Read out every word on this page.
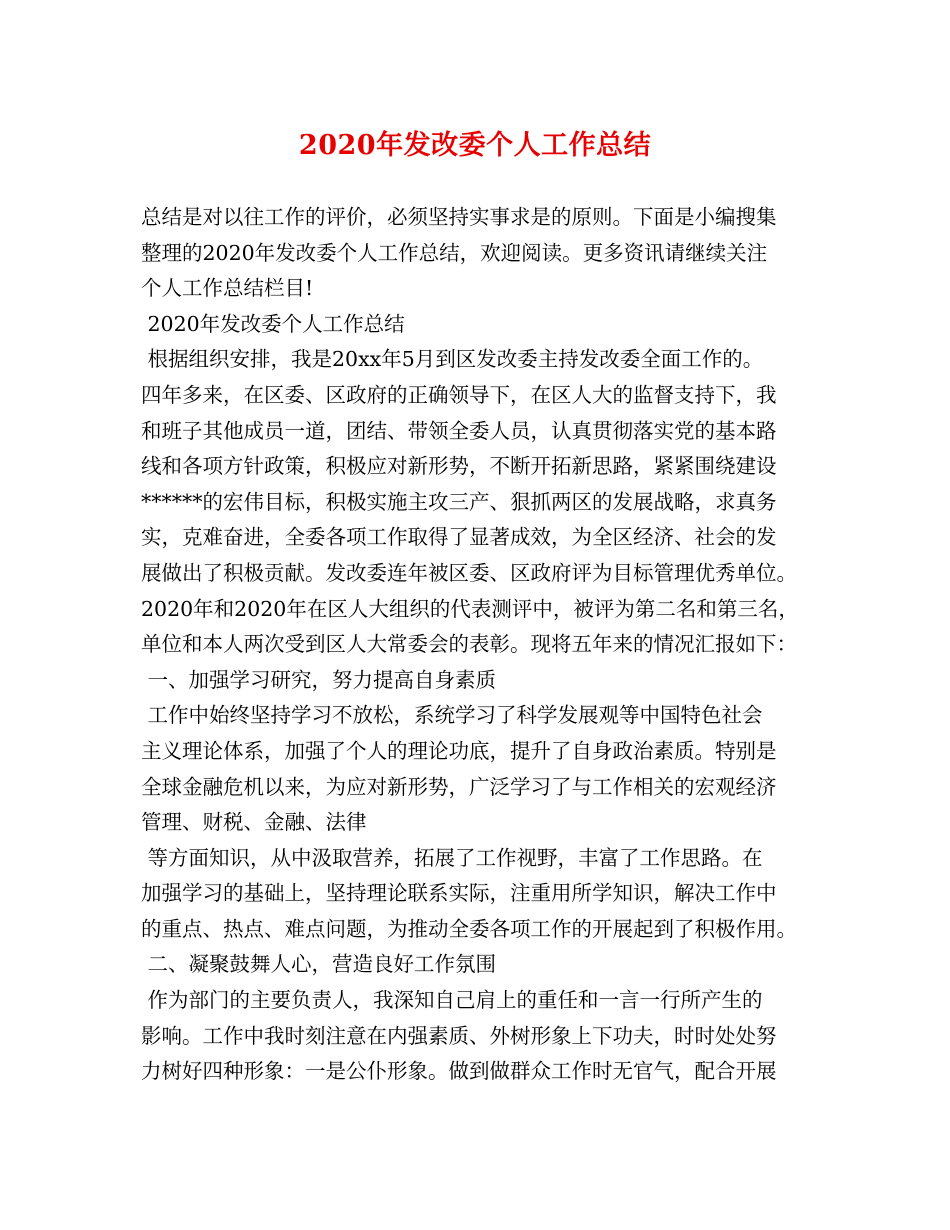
2020年发改委个人工作总结
总结是对以往工作的评价，必须坚持实事求是的原则。下面是小编搜集
整理的2020年发改委个人工作总结，欢迎阅读。更多资讯请继续关注
个人工作总结栏目!
2020年发改委个人工作总结
根据组织安排，我是20xx年5月到区发改委主持发改委全面工作的。
四年多来，在区委、区政府的正确领导下，在区人大的监督支持下，我
和班子其他成员一道，团结、带领全委人员，认真贯彻落实党的基本路
线和各项方针政策，积极应对新形势，不断开拓新思路，紧紧围绕建设
******的宏伟目标，积极实施主攻三产、狠抓两区的发展战略，求真务
实，克难奋进，全委各项工作取得了显著成效，为全区经济、社会的发
展做出了积极贡献。发改委连年被区委、区政府评为目标管理优秀单位。
2020年和2020年在区人大组织的代表测评中，被评为第二名和第三名，
单位和本人两次受到区人大常委会的表彰。现将五年来的情况汇报如下：
一、加强学习研究，努力提高自身素质
工作中始终坚持学习不放松，系统学习了科学发展观等中国特色社会
主义理论体系，加强了个人的理论功底，提升了自身政治素质。特别是
全球金融危机以来，为应对新形势，广泛学习了与工作相关的宏观经济
管理、财税、金融、法律
等方面知识，从中汲取营养，拓展了工作视野，丰富了工作思路。在
加强学习的基础上，坚持理论联系实际，注重用所学知识，解决工作中
的重点、热点、难点问题，为推动全委各项工作的开展起到了积极作用。
二、凝聚鼓舞人心，营造良好工作氛围
作为部门的主要负责人，我深知自己肩上的重任和一言一行所产生的
影响。工作中我时刻注意在内强素质、外树形象上下功夫，时时处处努
力树好四种形象：一是公仆形象。做到做群众工作时无官气，配合开展
